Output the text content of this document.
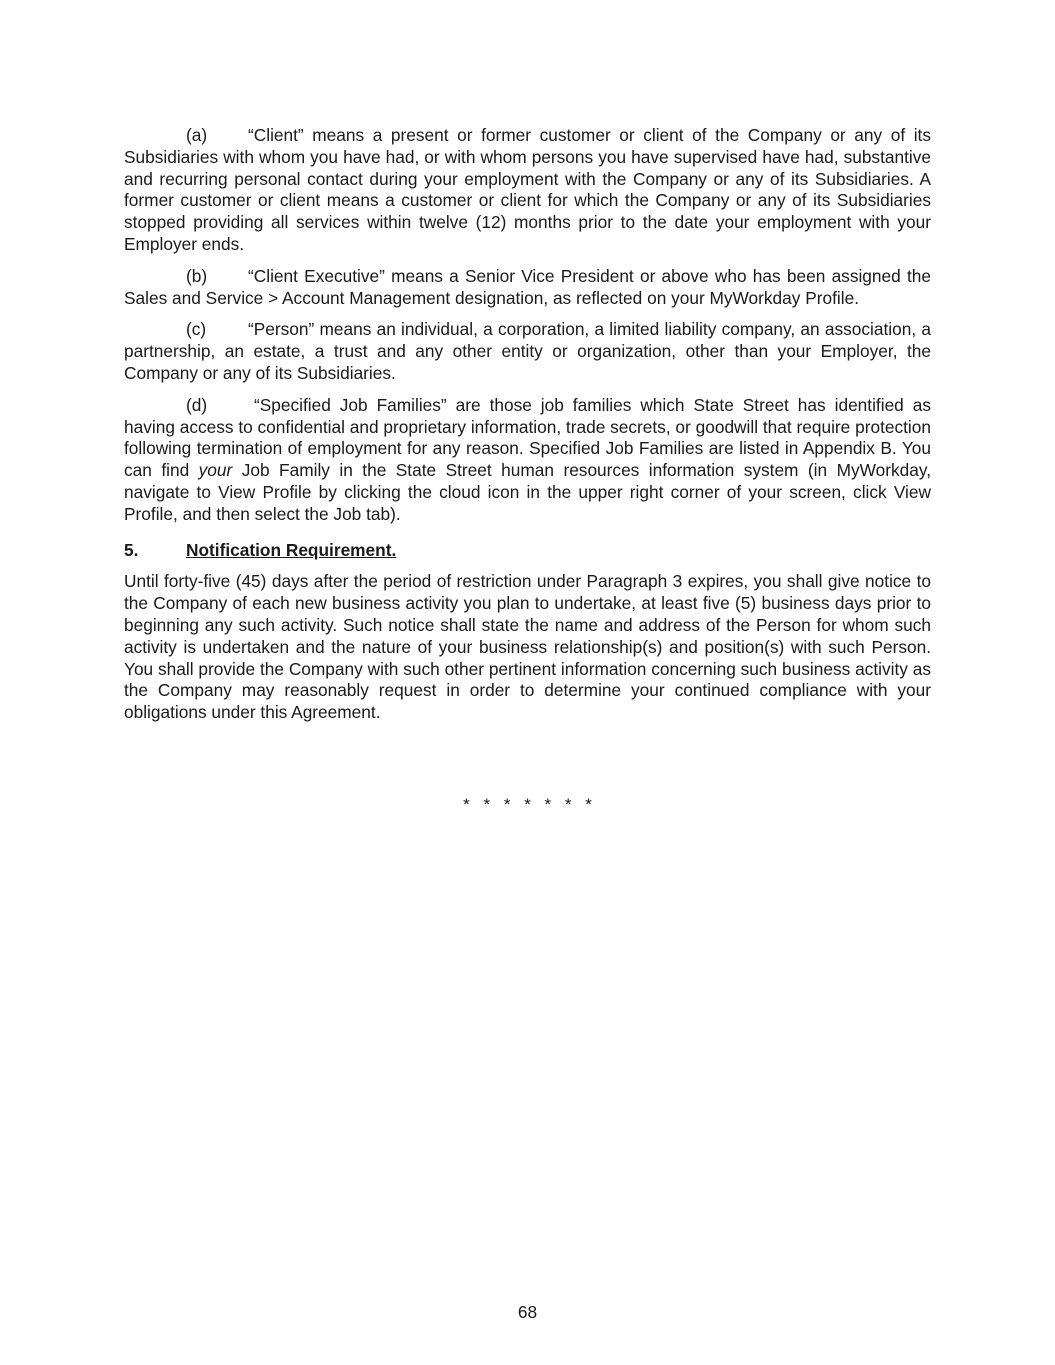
(a) “Client” means a present or former customer or client of the Company or any of its Subsidiaries with whom you have had, or with whom persons you have supervised have had, substantive and recurring personal contact during your employment with the Company or any of its Subsidiaries. A former customer or client means a customer or client for which the Company or any of its Subsidiaries stopped providing all services within twelve (12) months prior to the date your employment with your Employer ends.

(b) “Client Executive” means a Senior Vice President or above who has been assigned the Sales and Service > Account Management designation, as reflected on your MyWorkday Profile.

(c) “Person” means an individual, a corporation, a limited liability company, an association, a partnership, an estate, a trust and any other entity or organization, other than your Employer, the Company or any of its Subsidiaries.

(d)	“Specified Job Families” are those job families which State Street has identified as having access to confidential and proprietary information, trade secrets, or goodwill that require protection following termination of employment for any reason. Specified Job Families are listed in Appendix B. You can find your Job Family in the State Street human resources information system (in MyWorkday, navigate to View Profile by clicking the cloud icon in the upper right corner of your screen, click View Profile, and then select the Job tab).

5.	Notification Requirement.

Until forty-five (45) days after the period of restriction under Paragraph 3 expires, you shall give notice to the Company of each new business activity you plan to undertake, at least five (5) business days prior to beginning any such activity. Such notice shall state the name and address of the Person for whom such activity is undertaken and the nature of your business relationship(s) and position(s) with such Person. You shall provide the Company with such other pertinent information concerning such business activity as the Company may reasonably request in order to determine your continued compliance with your obligations under this Agreement.

* * * * * * *
68
